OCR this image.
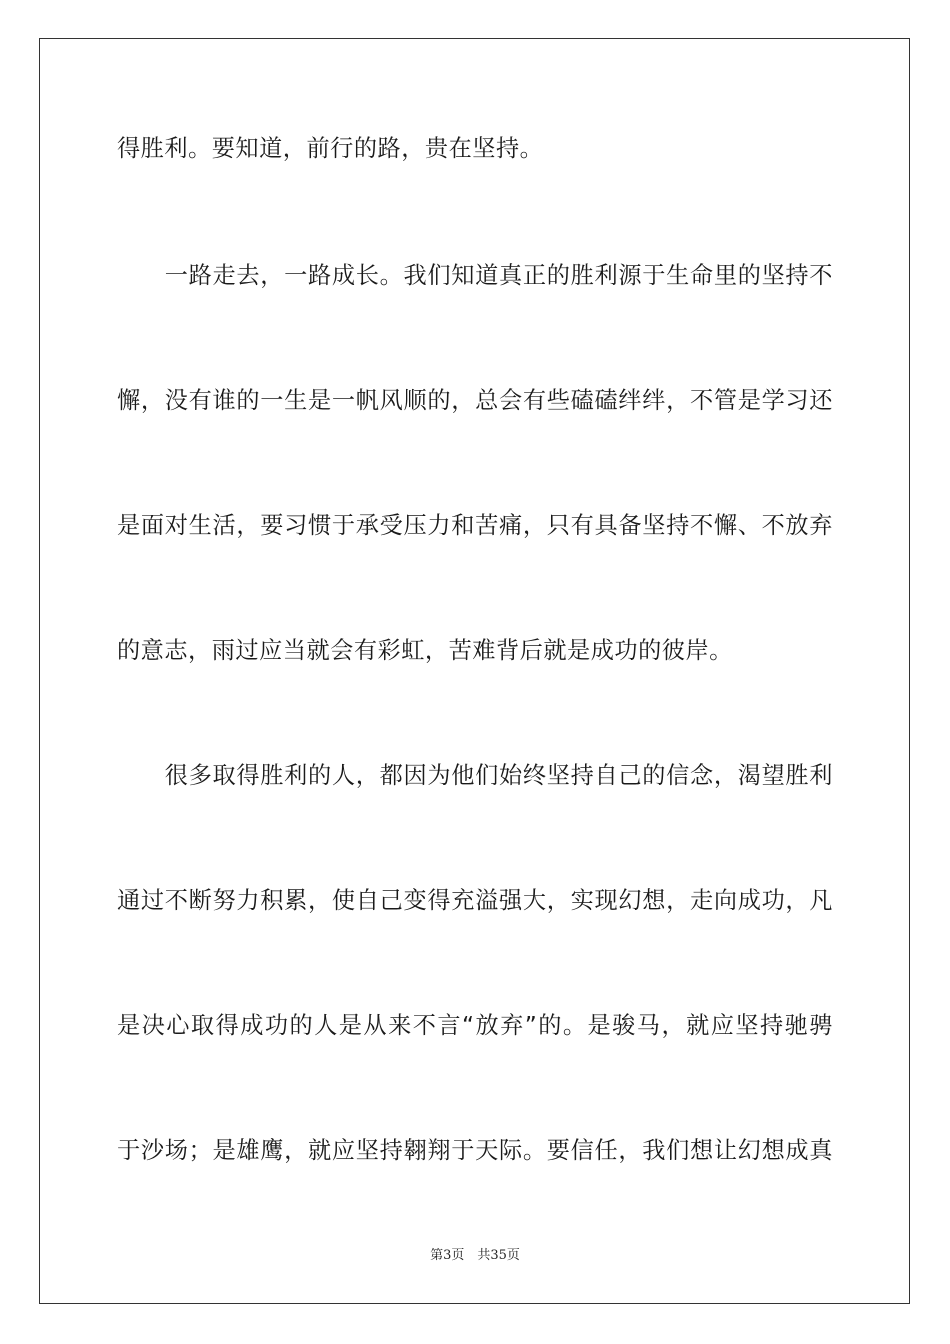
得胜利。要知道，前行的路，贵在坚持。
　　一路走去，一路成长。我们知道真正的胜利源于生命里的坚持不
懈，没有谁的一生是一帆风顺的，总会有些磕磕绊绊，不管是学习还
是面对生活，要习惯于承受压力和苦痛，只有具备坚持不懈、不放弃
的意志，雨过应当就会有彩虹，苦难背后就是成功的彼岸。
　　很多取得胜利的人，都因为他们始终坚持自己的信念，渴望胜利
通过不断努力积累，使自己变得充溢强大，实现幻想，走向成功，凡
是决心取得成功的人是从来不言“放弃”的。是骏马，就应坚持驰骋
于沙场；是雄鹰，就应坚持翱翔于天际。要信任，我们想让幻想成真
第3页　共35页
